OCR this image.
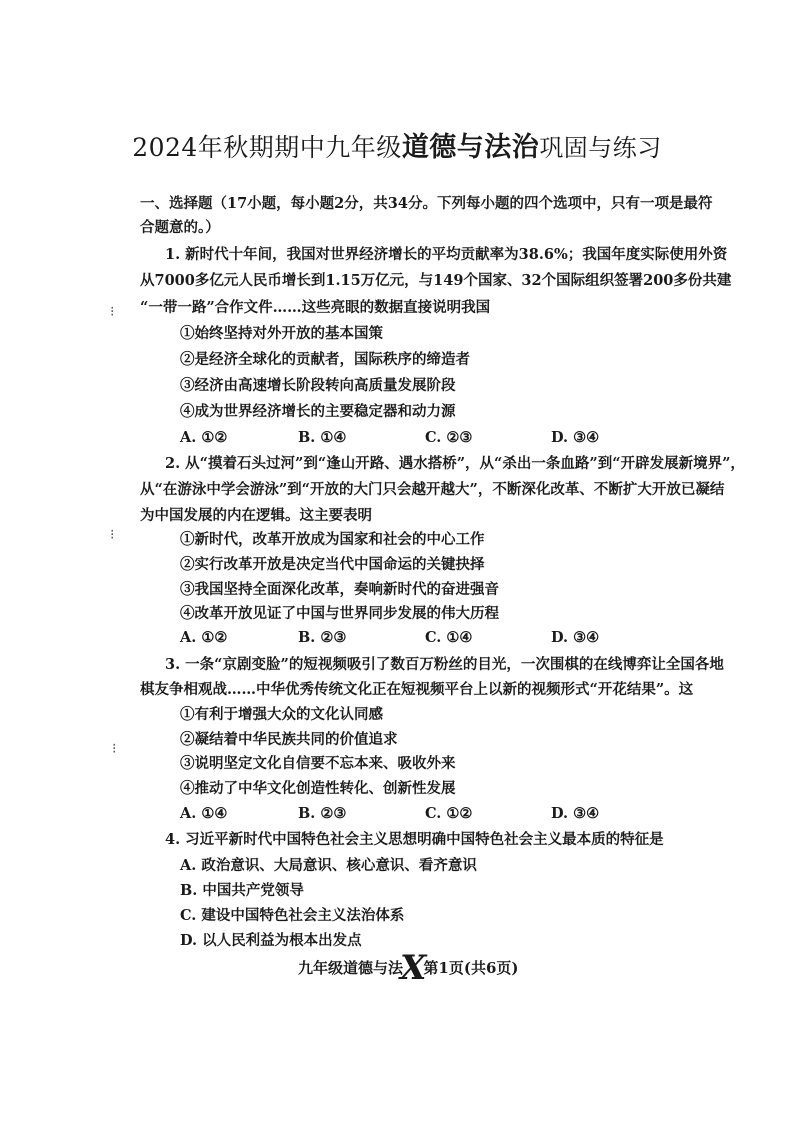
2024年秋期期中九年级道德与法治巩固与练习
一、选择题（17小题，每小题2分，共34分。下列每小题的四个选项中，只有一项是最符
合题意的。）
1. 新时代十年间，我国对世界经济增长的平均贡献率为38.6%；我国年度实际使用外资
从7000多亿元人民币增长到1.15万亿元，与149个国家、32个国际组织签署200多份共建
“一带一路”合作文件……这些亮眼的数据直接说明我国
①始终坚持对外开放的基本国策
②是经济全球化的贡献者，国际秩序的缔造者
③经济由高速增长阶段转向高质量发展阶段
④成为世界经济增长的主要稳定器和动力源
A. ①②	B. ①④	C. ②③	D. ③④
2. 从“摸着石头过河”到“逢山开路、遇水搭桥”，从“杀出一条血路”到“开辟发展新境界”，
从“在游泳中学会游泳”到“开放的大门只会越开越大”，不断深化改革、不断扩大开放已凝结
为中国发展的内在逻辑。这主要表明
①新时代，改革开放成为国家和社会的中心工作
②实行改革开放是决定当代中国命运的关键抉择
③我国坚持全面深化改革，奏响新时代的奋进强音
④改革开放见证了中国与世界同步发展的伟大历程
A. ①②	B. ②③	C. ①④	D. ③④
3. 一条“京剧变脸”的短视频吸引了数百万粉丝的目光，一次围棋的在线博弈让全国各地
棋友争相观战……中华优秀传统文化正在短视频平台上以新的视频形式“开花结果”。这
①有利于增强大众的文化认同感
②凝结着中华民族共同的价值追求
③说明坚定文化自信要不忘本来、吸收外来
④推动了中华文化创造性转化、创新性发展
A. ①④	B. ②③	C. ①②	D. ③④
4. 习近平新时代中国特色社会主义思想明确中国特色社会主义最本质的特征是
A. 政治意识、大局意识、核心意识、看齐意识
B. 中国共产党领导
C. 建设中国特色社会主义法治体系
D. 以人民利益为根本出发点
九年级道德与法X第1页(共6页)
⁝
⁝
⁝
